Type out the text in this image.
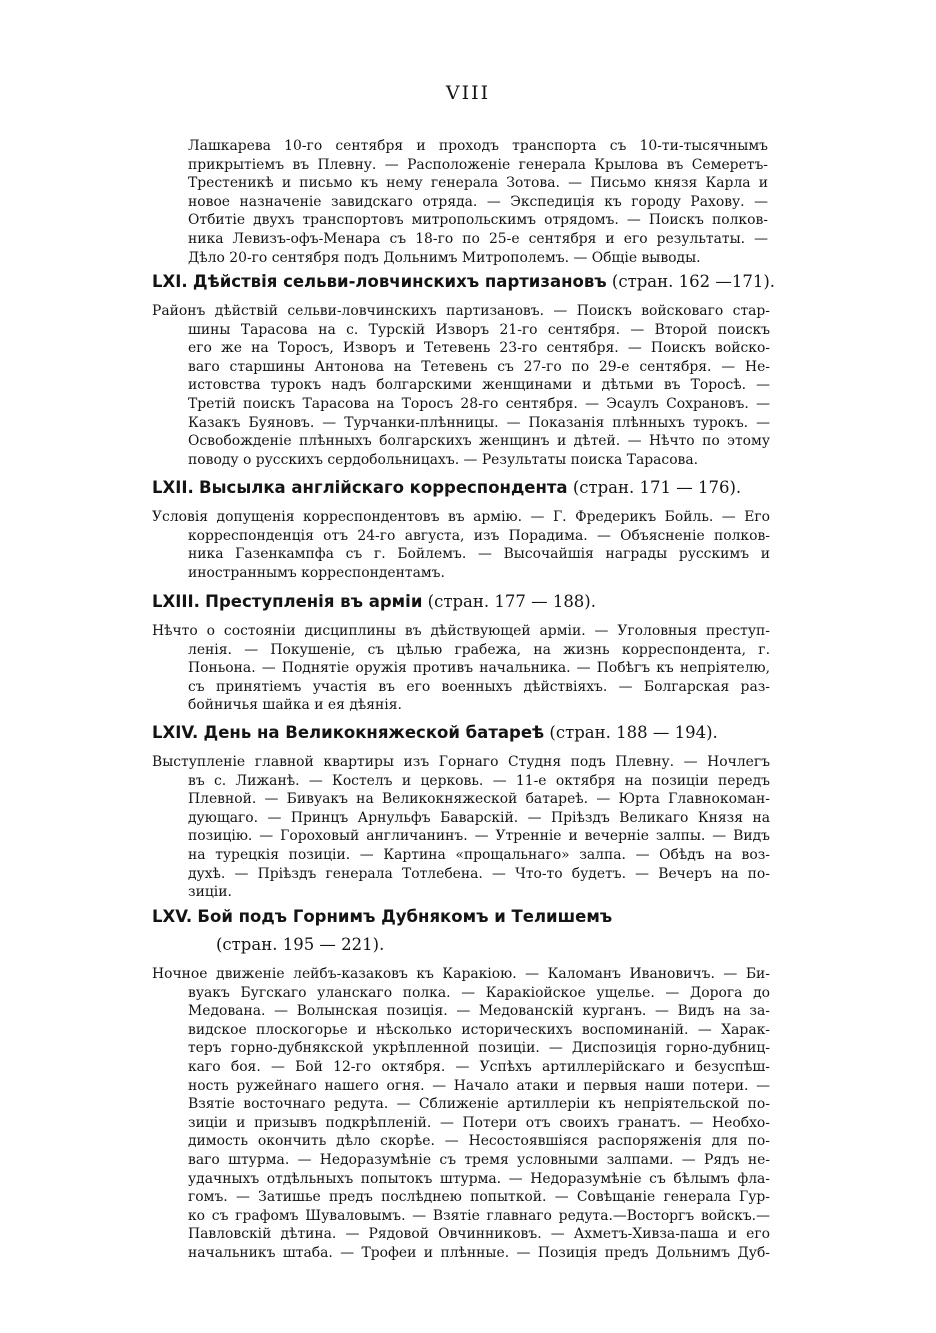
VIII
Лашкарева 10-го сентября и проходъ транспорта съ 10-ти-тысячнымъ
прикрытіемъ въ Плевну. — Расположеніе генерала Крылова въ Семеретъ-
Трестеникѣ и письмо къ нему генерала Зотова. — Письмо князя Карла и
новое назначеніе завидскаго отряда. — Экспедиція къ городу Рахову. —
Отбитіе двухъ транспортовъ митропольскимъ отрядомъ. — Поискъ полков-
ника Левизъ-офъ-Менара съ 18-го по 25-е сентября и его результаты. —
Дѣло 20-го сентября подъ Дольнимъ Митрополемъ. — Общіе выводы.
LXI. Дѣйствія сельви-ловчинскихъ партизановъ (стран. 162 —171).
Районъ дѣйствій сельви-ловчинскихъ партизановъ. — Поискъ войсковаго стар-
шины Тарасова на с. Турскій Изворъ 21-го сентября. — Второй поискъ
его же на Торосъ, Изворъ и Тетевень 23-го сентября. — Поискъ войско-
ваго старшины Антонова на Тетевень съ 27-го по 29-е сентября. — Не-
истовства турокъ надъ болгарскими женщинами и дѣтьми въ Торосѣ. —
Третій поискъ Тарасова на Торосъ 28-го сентября. — Эсаулъ Сохрановъ. —
Казакъ Буяновъ. — Турчанки-плѣнницы. — Показанія плѣнныхъ турокъ. —
Освобожденіе плѣнныхъ болгарскихъ женщинъ и дѣтей. — Нѣчто по этому
поводу о русскихъ сердобольницахъ. — Результаты поиска Тарасова.
LXII. Высылка англійскаго корреспондента (стран. 171 — 176).
Условія допущенія корреспондентовъ въ армію. — Г. Фредерикъ Бойль. — Его
корреспонденція отъ 24-го августа, изъ Порадима. — Объясненіе полков-
ника Газенкампфа съ г. Бойлемъ. — Высочайшія награды русскимъ и
иностраннымъ корреспондентамъ.
LXIII. Преступленія въ арміи (стран. 177 — 188).
Нѣчто о состояніи дисциплины въ дѣйствующей арміи. — Уголовныя преступ-
ленія. — Покушеніе, съ цѣлью грабежа, на жизнь корреспондента, г. Поньона. — Поднятіе оружія противъ начальника. — Побѣгъ къ непріятелю,
съ принятіемъ участія въ его военныхъ дѣйствіяхъ. — Болгарская раз-
бойничья шайка и ея дѣянія.
LXIV. День на Великокняжеской батареѣ (стран. 188 — 194).
Выступленіе главной квартиры изъ Горнаго Студня подъ Плевну. — Ночлегъ
въ с. Лижанѣ. — Костелъ и церковь. — 11-е октября на позиціи передъ
Плевной. — Бивуакъ на Великокняжеской батареѣ. — Юрта Главнокоман-
дующаго. — Принцъ Арнульфъ Баварскій. — Пріѣздъ Великаго Князя на
позицію. — Гороховый англичанинъ. — Утренніе и вечерніе залпы. — Видъ
на турецкія позиціи. — Картина «прощальнаго» залпа. — Обѣдъ на воз-
духѣ. — Пріѣздъ генерала Тотлебена. — Что-то будетъ. — Вечеръ на по-
зиціи.
LXV. Бой подъ Горнимъ Дубнякомъ и Телишемъ
(стран. 195 — 221).
Ночное движеніе лейбъ-казаковъ къ Каракіою. — Каломанъ Ивановичъ. — Би-
вуакъ Бугскаго уланскаго полка. — Каракіойское ущелье. — Дорога до
Медована. — Волынская позиція. — Медованскій курганъ. — Видъ на за-
видское плоскогорье и нѣсколько историческихъ воспоминаній. — Харак-
теръ горно-дубнякской укрѣпленной позиціи. — Диспозиція горно-дубниц-
каго боя. — Бой 12-го октября. — Успѣхъ артиллерійскаго и безуспѣш-
ность ружейнаго нашего огня. — Начало атаки и первыя наши потери. —
Взятіе восточнаго редута. — Сближеніе артиллеріи къ непріятельской по-
зиціи и призывъ подкрѣпленій. — Потери отъ своихъ гранатъ. — Необхо-
димость окончить дѣло скорѣе. — Несостоявшіяся распоряженія для по-
ваго штурма. — Недоразумѣніе съ тремя условными залпами. — Рядъ не-
удачныхъ отдѣльныхъ попытокъ штурма. — Недоразумѣніе съ бѣлымъ фла-
гомъ. — Затишье предъ послѣднею попыткой. — Совѣщаніе генерала Гур-
ко съ графомъ Шуваловымъ. — Взятіе главнаго редута.—Восторгъ войскъ.—
Павловскій дѣтина. — Рядовой Овчинниковъ. — Ахметъ-Хивза-паша и его
начальникъ штаба. — Трофеи и плѣнные. — Позиція предъ Дольнимъ Дуб-
